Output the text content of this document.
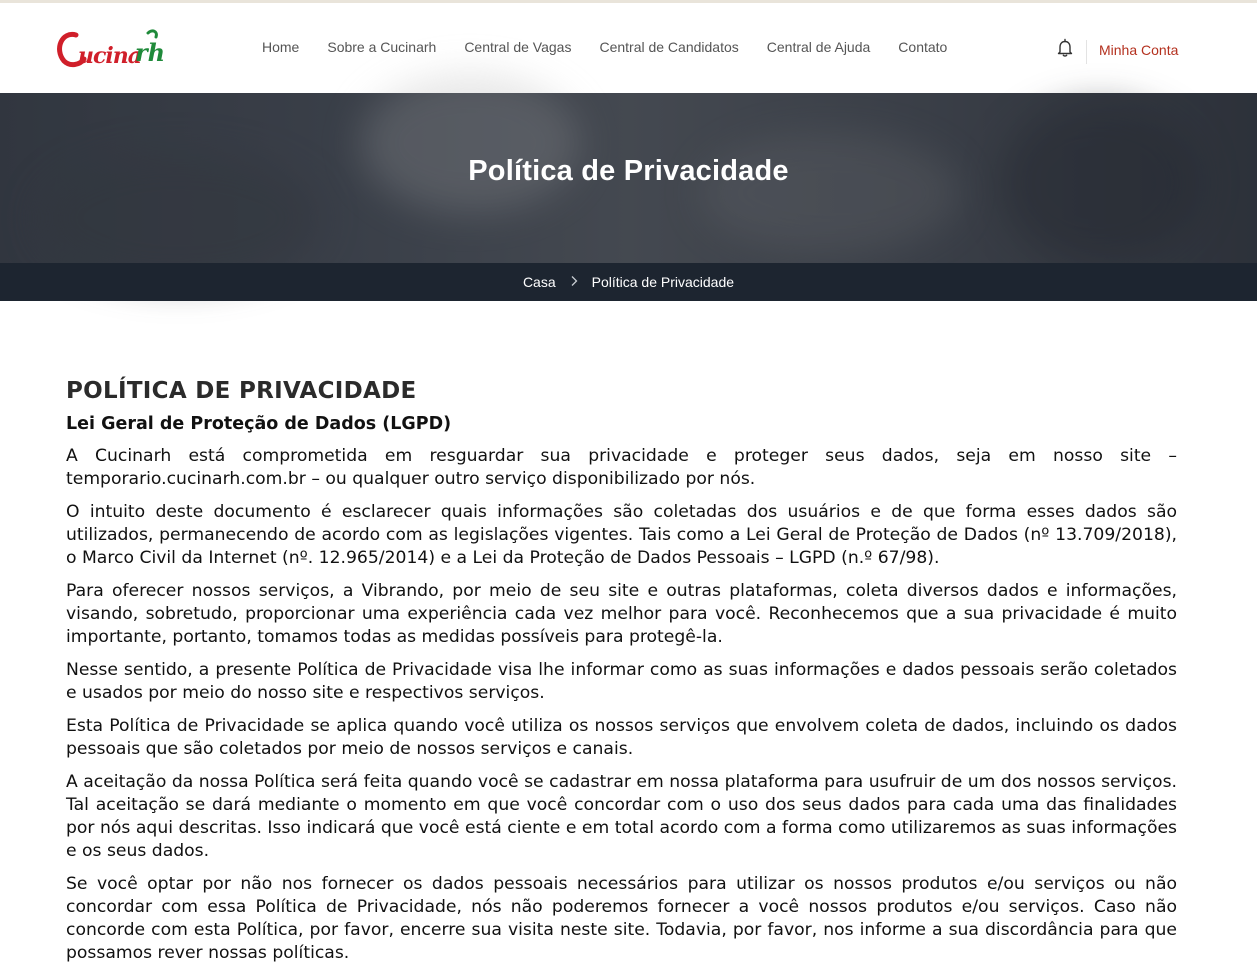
ucina
rh	Home	Sobre a Cucinarh	Central de Vagas	Central de Candidatos	Central de Ajuda	Contato	Minha Conta
Política de Privacidade
Casa	Política de Privacidade
POLÍTICA DE PRIVACIDADE
Lei Geral de Proteção de Dados (LGPD)

A Cucinarh está comprometida em resguardar sua privacidade e proteger seus dados, seja em nosso site – temporario.cucinarh.com.br – ou qualquer outro serviço disponibilizado por nós.

O intuito deste documento é esclarecer quais informações são coletadas dos usuários e de que forma esses dados são utilizados, permanecendo de acordo com as legislações vigentes. Tais como a Lei Geral de Proteção de Dados (nº 13.709/2018), o Marco Civil da Internet (nº. 12.965/2014) e a Lei da Proteção de Dados Pessoais – LGPD (n.º 67/98).

Para oferecer nossos serviços, a Vibrando, por meio de seu site e outras plataformas, coleta diversos dados e informações, visando, sobretudo, proporcionar uma experiência cada vez melhor para você. Reconhecemos que a sua privacidade é muito importante, portanto, tomamos todas as medidas possíveis para protegê-la.

Nesse sentido, a presente Política de Privacidade visa lhe informar como as suas informações e dados pessoais serão coletados e usados por meio do nosso site e respectivos serviços.

Esta Política de Privacidade se aplica quando você utiliza os nossos serviços que envolvem coleta de dados, incluindo os dados pessoais que são coletados por meio de nossos serviços e canais.

A aceitação da nossa Política será feita quando você se cadastrar em nossa plataforma para usufruir de um dos nossos serviços. Tal aceitação se dará mediante o momento em que você concordar com o uso dos seus dados para cada uma das finalidades por nós aqui descritas. Isso indicará que você está ciente e em total acordo com a forma como utilizaremos as suas informações e os seus dados.

Se você optar por não nos fornecer os dados pessoais necessários para utilizar os nossos produtos e/ou serviços ou não concordar com essa Política de Privacidade, nós não poderemos fornecer a você nossos produtos e/ou serviços. Caso não concorde com esta Política, por favor, encerre sua visita neste site. Todavia, por favor, nos informe a sua discordância para que possamos rever nossas políticas.
